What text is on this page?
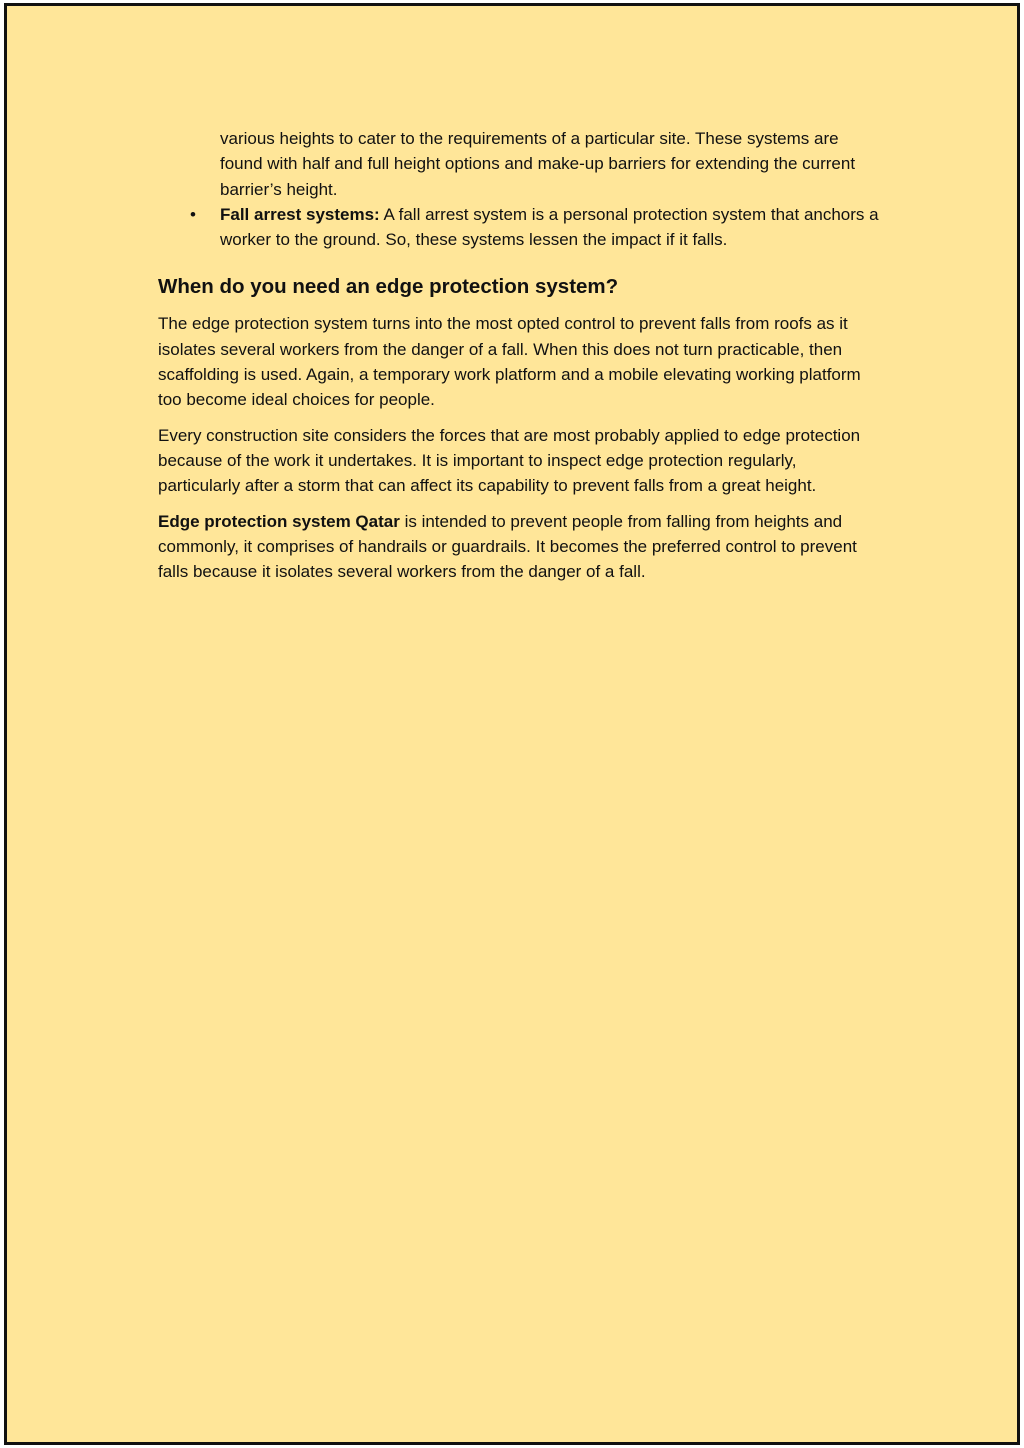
various heights to cater to the requirements of a particular site. These systems are found with half and full height options and make-up barriers for extending the current barrier’s height.

• Fall arrest systems: A fall arrest system is a personal protection system that anchors a worker to the ground. So, these systems lessen the impact if it falls.
When do you need an edge protection system?

The edge protection system turns into the most opted control to prevent falls from roofs as it isolates several workers from the danger of a fall. When this does not turn practicable, then scaffolding is used. Again, a temporary work platform and a mobile elevating working platform too become ideal choices for people.

Every construction site considers the forces that are most probably applied to edge protection because of the work it undertakes. It is important to inspect edge protection regularly, particularly after a storm that can affect its capability to prevent falls from a great height.

Edge protection system Qatar is intended to prevent people from falling from heights and commonly, it comprises of handrails or guardrails. It becomes the preferred control to prevent falls because it isolates several workers from the danger of a fall.
